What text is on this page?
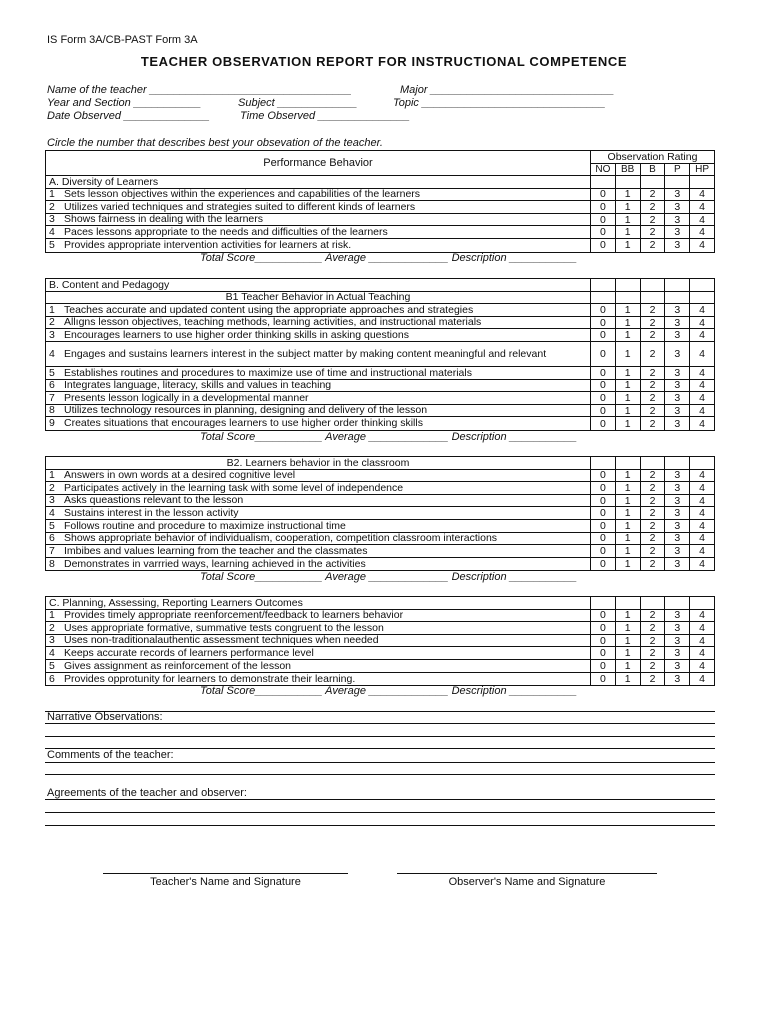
IS Form 3A/CB-PAST Form 3A
TEACHER OBSERVATION REPORT FOR INSTRUCTIONAL COMPETENCE
Name of the teacher _________________________________	Major ______________________________
Year and Section ___________	Subject _____________	Topic ______________________________
Date Observed ______________	Time Observed _______________
Circle the number that describes best your obsevation of the teacher.
Performance Behavior	Observation Rating
NO	BB	B	P	HP
A. Diversity of Learners
1 Sets lesson objectives within the experiences and capabilities of the learners	0	1	2	3	4
2 Utilizes varied techniques and strategies suited to different kinds of learners	0	1	2	3	4
3 Shows fairness in dealing with the learners	0	1	2	3	4
4 Paces lessons appropriate to the needs and difficulties of the learners	0	1	2	3	4
5 Provides appropriate intervention activities for learners at risk.	0	1	2	3	4
Total Score___________ Average _____________ Description ___________
B. Content and Pedagogy
B1 Teacher Behavior in Actual Teaching
1 Teaches accurate and updated content using the appropriate approaches and strategies	0	1	2	3	4
2 Allıgns lesson objectives, teaching methods, learning activities, and instructional materials	0	1	2	3	4
3 Encourages learners to use higher order thinking skills in asking questions	0	1	2	3	4
4 Engages and sustains learners interest in the subject matter by making content meaningful and relevant	0	1	2	3	4
5 Establishes routines and procedures to maximize use of time and instructional materials	0	1	2	3	4
6 Integrates language, literacy, skills and values in teaching	0	1	2	3	4
7 Presents lesson logically in a developmental manner	0	1	2	3	4
8 Utilizes technology resources in planning, designing and delivery of the lesson	0	1	2	3	4
9 Creates situations that encourages learners to use higher order thinking skills	0	1	2	3	4
Total Score___________ Average _____________ Description ___________
B2. Learners behavior in the classroom
1 Answers in own words at a desired cognitive level	0	1	2	3	4
2 Participates actively in the learning task with some level of independence	0	1	2	3	4
3 Asks queastions relevant to the lesson	0	1	2	3	4
4 Sustains interest in the lesson activity	0	1	2	3	4
5 Follows routine and procedure to maximize instructional time	0	1	2	3	4
6 Shows appropriate behavior of individualism, cooperation, competition classroom interactions	0	1	2	3	4
7 Imbibes and values learning from the teacher and the classmates	0	1	2	3	4
8 Demonstrates in varrried ways, learning achieved in the activities	0	1	2	3	4
Total Score___________ Average _____________ Description ___________
C. Planning, Assessing, Reporting Learners Outcomes
1 Provides timely appropriate reenforcement/feedback to learners behavior	0	1	2	3	4
2 Uses appropriate formative, summative tests congruent to the lesson	0	1	2	3	4
3 Uses non-traditionalauthentic assessment techniques when needed	0	1	2	3	4
4 Keeps accurate records of learners performance level	0	1	2	3	4
5 Gives assignment as reinforcement of the lesson	0	1	2	3	4
6 Provides opprotunity for learners to demonstrate their learning.	0	1	2	3	4
Total Score___________ Average _____________ Description ___________
Narrative Observations:
Comments of the teacher:
Agreements of the teacher and observer:
Teacher's Name and Signature	Observer's Name and Signature
